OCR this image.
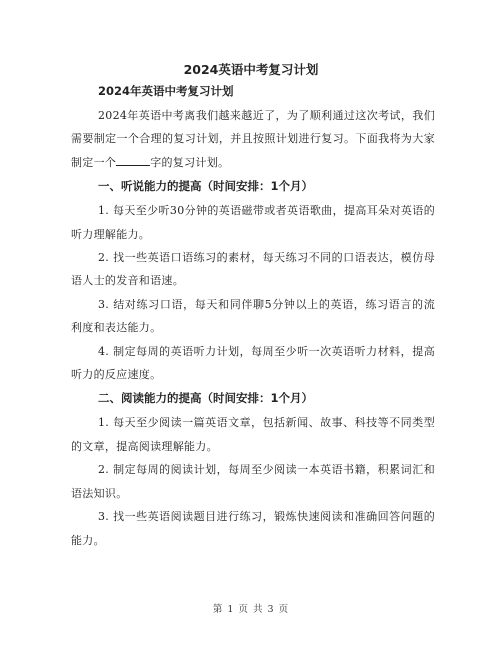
2024英语中考复习计划

2024年英语中考复习计划

2024年英语中考离我们越来越近了，为了顺利通过这次考试，我们需要制定一个合理的复习计划，并且按照计划进行复习。下面我将为大家制定一个	字的复习计划。

一、听说能力的提高（时间安排：1个月）

1. 每天至少听30分钟的英语磁带或者英语歌曲，提高耳朵对英语的听力理解能力。

2. 找一些英语口语练习的素材，每天练习不同的口语表达，模仿母语人士的发音和语速。

3. 结对练习口语，每天和同伴聊5分钟以上的英语，练习语言的流利度和表达能力。

4. 制定每周的英语听力计划，每周至少听一次英语听力材料，提高听力的反应速度。

二、阅读能力的提高（时间安排：1个月）

1. 每天至少阅读一篇英语文章，包括新闻、故事、科技等不同类型的文章，提高阅读理解能力。

2. 制定每周的阅读计划，每周至少阅读一本英语书籍，积累词汇和语法知识。

3. 找一些英语阅读题目进行练习，锻炼快速阅读和准确回答问题的能力。

第 1 页 共 3 页
